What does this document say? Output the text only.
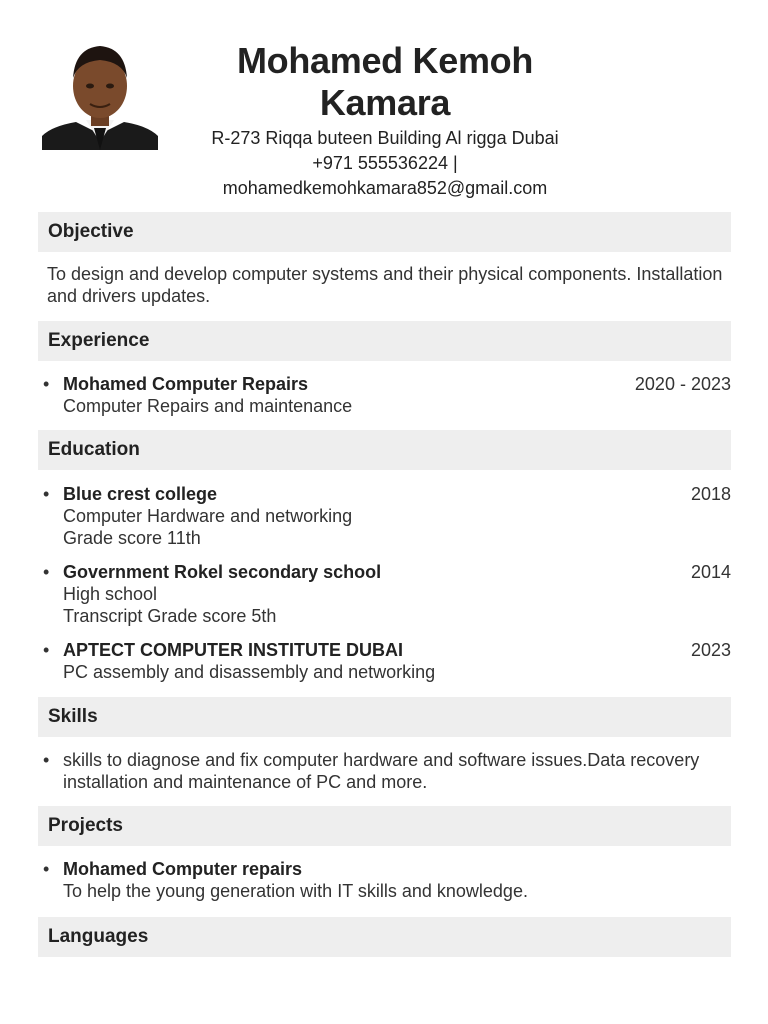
Mohamed Kemoh
Kamara
R-273 Riqqa buteen Building Al rigga Dubai
+971 555536224 |
mohamedkemohkamara852@gmail.com
Objective
To design and develop computer systems and their physical components. Installation and drivers updates.
Experience
• Mohamed Computer Repairs
Computer Repairs and maintenance
2020 - 2023
Education
• Blue crest college
Computer Hardware and networking
Grade score 11th
2018
• Government Rokel secondary school
High school
Transcript Grade score 5th
2014
• APTECT COMPUTER INSTITUTE DUBAI
PC assembly and disassembly and networking
2023
Skills
• skills to diagnose and fix computer hardware and software issues.Data recovery installation and maintenance of PC and more.
Projects
• Mohamed Computer repairs
To help the young generation with IT skills and knowledge.
Languages
